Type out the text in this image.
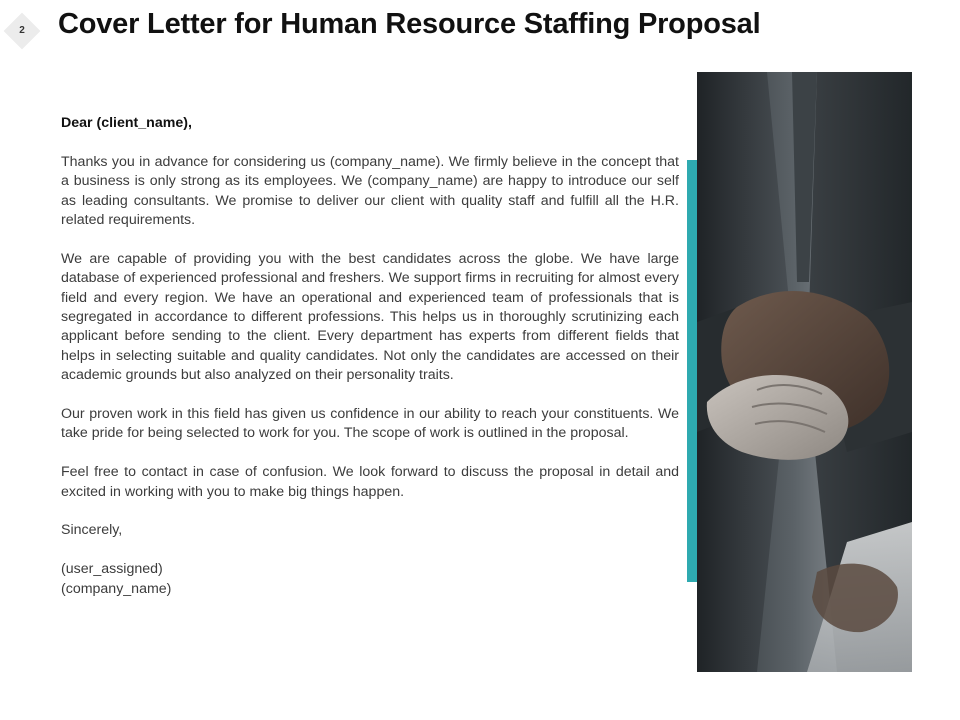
2	Cover Letter for Human Resource Staffing Proposal
Dear (client_name),

Thanks you in advance for considering us (company_name). We firmly believe in the concept that a business is only strong as its employees. We (company_name) are happy to introduce our self as leading consultants. We promise to deliver our client with quality staff and fulfill all the H.R. related requirements.

We are capable of providing you with the best candidates across the globe. We have large database of experienced professional and freshers. We support firms in recruiting for almost every field and every region. We have an operational and experienced team of professionals that is segregated in accordance to different professions. This helps us in thoroughly scrutinizing each applicant before sending to the client. Every department has experts from different fields that helps in selecting suitable and quality candidates. Not only the candidates are accessed on their academic grounds but also analyzed on their personality traits.

Our proven work in this field has given us confidence in our ability to reach your constituents. We take pride for being selected to work for you. The scope of work is outlined in the proposal.

Feel free to contact in case of confusion. We look forward to discuss the proposal in detail and excited in working with you to make big things happen.

Sincerely,
(user_assigned)
(company_name)
